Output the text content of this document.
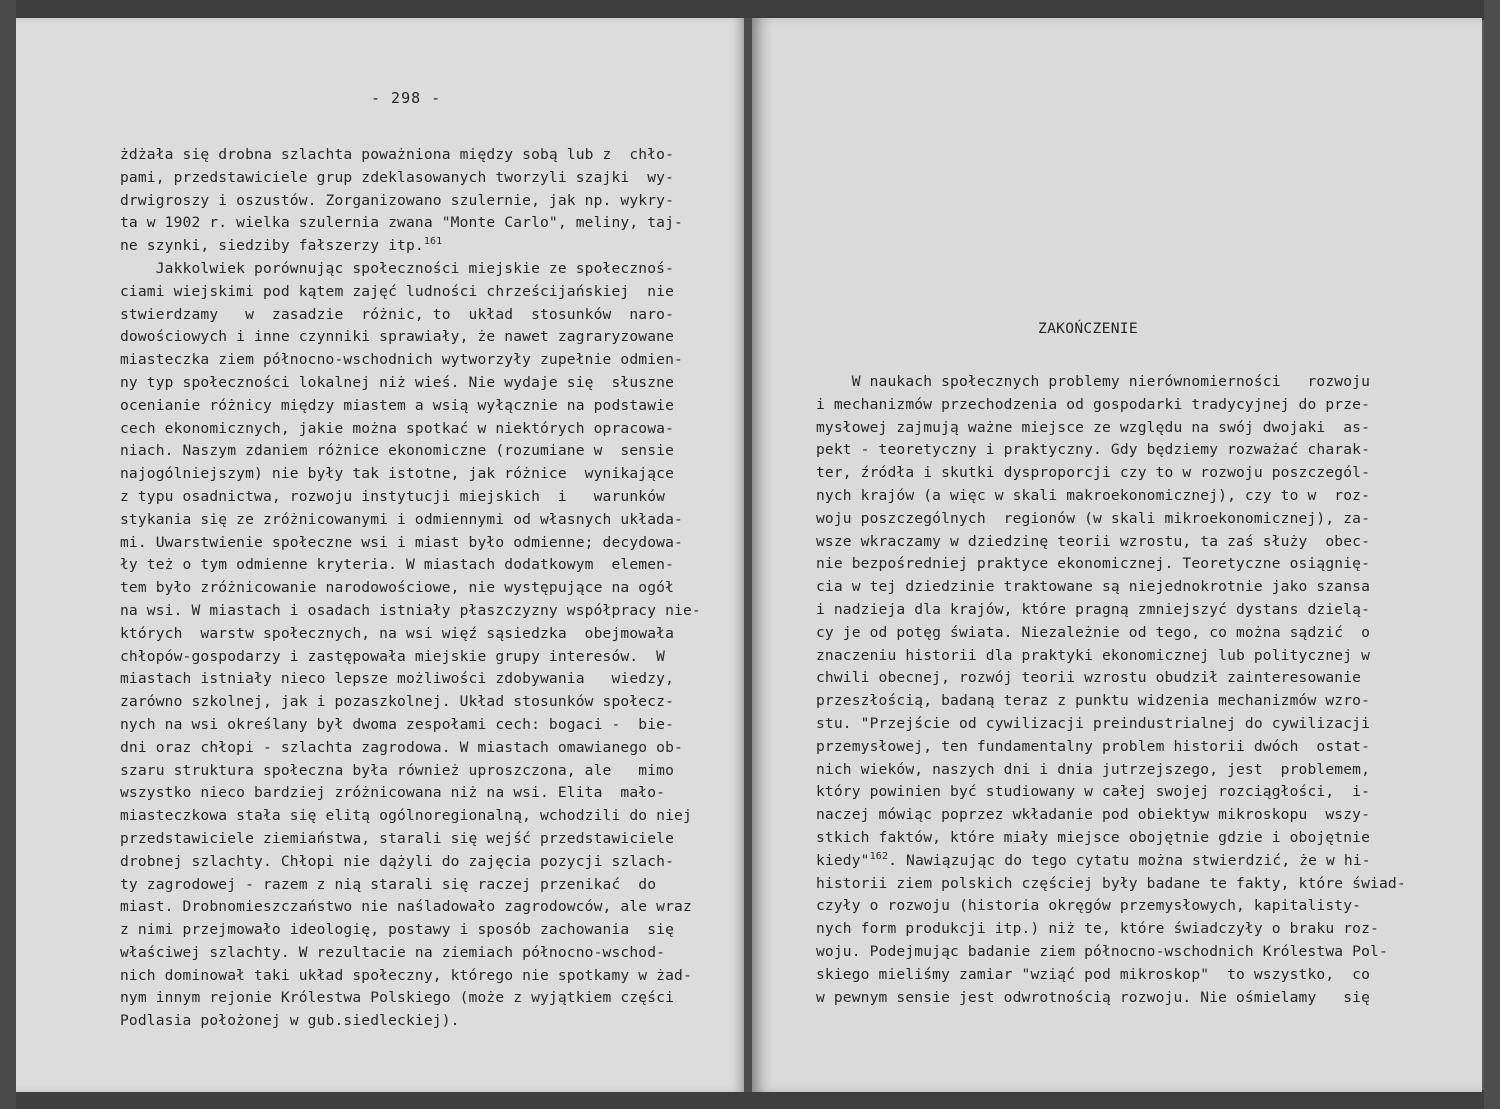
- 298 -
żdżała się drobna szlachta poważniona między sobą lub z  chło-
pami, przedstawiciele grup zdeklasowanych tworzyli szajki  wy-
drwigroszy i oszustów. Zorganizowano szulernie, jak np. wykry-
ta w 1902 r. wielka szulernia zwana "Monte Carlo", meliny, taj-
ne szynki, siedziby fałszerzy itp.$^{161}$
Jakkolwiek porównując społeczności miejskie ze społecznoś-
ciami wiejskimi pod kątem zajęć ludności chrześcijańskiej  nie
stwierdzamy   w  zasadzie  różnic, to  układ  stosunków  naro-
dowościowych i inne czynniki sprawiały, że nawet zagraryzowane
miasteczka ziem północno-wschodnich wytworzyły zupełnie odmien-
ny typ społeczności lokalnej niż wieś. Nie wydaje się  słuszne
ocenianie różnicy między miastem a wsią wyłącznie na podstawie
cech ekonomicznych, jakie można spotkać w niektórych opracowa-
niach. Naszym zdaniem różnice ekonomiczne (rozumiane w  sensie
najogólniejszym) nie były tak istotne, jak różnice  wynikające
z typu osadnictwa, rozwoju instytucji miejskich  i   warunków
stykania się ze zróżnicowanymi i odmiennymi od własnych układa-
mi. Uwarstwienie społeczne wsi i miast było odmienne; decydowa-
ły też o tym odmienne kryteria. W miastach dodatkowym  elemen-
tem było zróżnicowanie narodowościowe, nie występujące na ogół
na wsi. W miastach i osadach istniały płaszczyzny współpracy nie-
których  warstw społecznych, na wsi więź sąsiedzka  obejmowała
chłopów-gospodarzy i zastępowała miejskie grupy interesów.  W
miastach istniały nieco lepsze możliwości zdobywania   wiedzy,
zarówno szkolnej, jak i pozaszkolnej. Układ stosunków społecz-
nych na wsi określany był dwoma zespołami cech: bogaci -  bie-
dni oraz chłopi - szlachta zagrodowa. W miastach omawianego ob-
szaru struktura społeczna była również uproszczona, ale   mimo
wszystko nieco bardziej zróżnicowana niż na wsi. Elita  mało-
miasteczkowa stała się elitą ogólnoregionalną, wchodzili do niej
przedstawiciele ziemiaństwa, starali się wejść przedstawiciele
drobnej szlachty. Chłopi nie dążyli do zajęcia pozycji szlach-
ty zagrodowej - razem z nią starali się raczej przenikać  do
miast. Drobnomieszczaństwo nie naśladowało zagrodowców, ale wraz
z nimi przejmowało ideologię, postawy i sposób zachowania  się
właściwej szlachty. W rezultacie na ziemiach północno-wschod-
nich dominował taki układ społeczny, którego nie spotkamy w żad-
nym innym rejonie Królestwa Polskiego (może z wyjątkiem części
Podlasia położonej w gub.siedleckiej).
ZAKOŃCZENIE
W naukach społecznych problemy nierównomierności   rozwoju
i mechanizmów przechodzenia od gospodarki tradycyjnej do prze-
mysłowej zajmują ważne miejsce ze względu na swój dwojaki  as-
pekt - teoretyczny i praktyczny. Gdy będziemy rozważać charak-
ter, źródła i skutki dysproporcji czy to w rozwoju poszczegól-
nych krajów (a więc w skali makroekonomicznej), czy to w  roz-
woju poszczególnych  regionów (w skali mikroekonomicznej), za-
wsze wkraczamy w dziedzinę teorii wzrostu, ta zaś służy  obec-
nie bezpośredniej praktyce ekonomicznej. Teoretyczne osiągnię-
cia w tej dziedzinie traktowane są niejednokrotnie jako szansa
i nadzieja dla krajów, które pragną zmniejszyć dystans dzielą-
cy je od potęg świata. Niezależnie od tego, co można sądzić  o
znaczeniu historii dla praktyki ekonomicznej lub politycznej w
chwili obecnej, rozwój teorii wzrostu obudził zainteresowanie
przeszłością, badaną teraz z punktu widzenia mechanizmów wzro-
stu. "Przejście od cywilizacji preindustrialnej do cywilizacji
przemysłowej, ten fundamentalny problem historii dwóch  ostat-
nich wieków, naszych dni i dnia jutrzejszego, jest  problemem,
który powinien być studiowany w całej swojej rozciągłości,  i-
naczej mówiąc poprzez wkładanie pod obiektyw mikroskopu  wszy-
stkich faktów, które miały miejsce obojętnie gdzie i obojętnie
kiedy"$^{162}$. Nawiązując do tego cytatu można stwierdzić, że w hi-
historii ziem polskich częściej były badane te fakty, które świad-
czyły o rozwoju (historia okręgów przemysłowych, kapitalisty-
nych form produkcji itp.) niż te, które świadczyły o braku roz-
woju. Podejmując badanie ziem północno-wschodnich Królestwa Pol-
skiego mieliśmy zamiar "wziąć pod mikroskop"  to wszystko,  co
w pewnym sensie jest odwrotnością rozwoju. Nie ośmielamy   się
